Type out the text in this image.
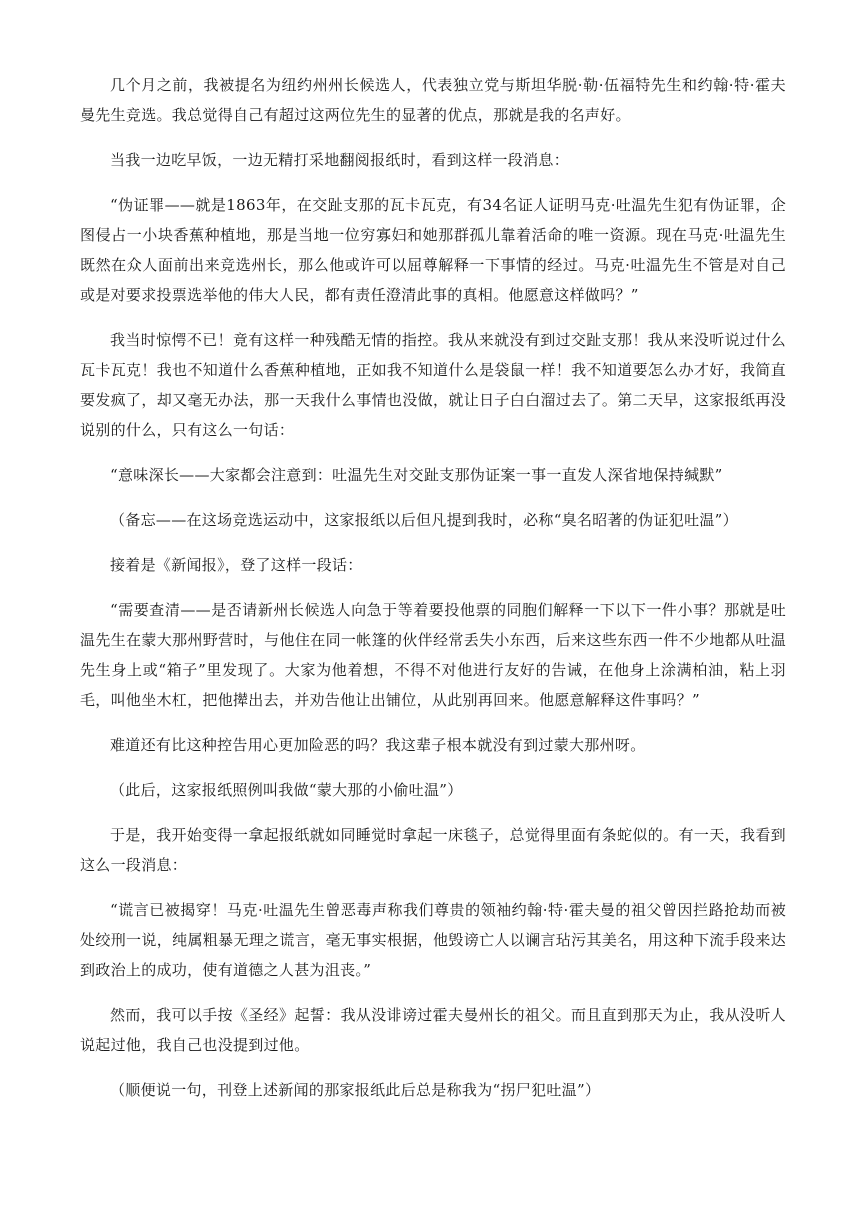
几个月之前，我被提名为纽约州州长候选人，代表独立党与斯坦华脱·勒·伍福特先生和约翰·特·霍夫曼先生竞选。我总觉得自己有超过这两位先生的显著的优点，那就是我的名声好。

当我一边吃早饭，一边无精打采地翻阅报纸时，看到这样一段消息：

“伪证罪——就是1863年，在交趾支那的瓦卡瓦克，有34名证人证明马克·吐温先生犯有伪证罪，企图侵占一小块香蕉种植地，那是当地一位穷寡妇和她那群孤儿靠着活命的唯一资源。现在马克·吐温先生既然在众人面前出来竞选州长，那么他或许可以屈尊解释一下事情的经过。马克·吐温先生不管是对自己或是对要求投票选举他的伟大人民，都有责任澄清此事的真相。他愿意这样做吗？”

我当时惊愕不已！竟有这样一种残酷无情的指控。我从来就没有到过交趾支那！我从来没听说过什么瓦卡瓦克！我也不知道什么香蕉种植地，正如我不知道什么是袋鼠一样！我不知道要怎么办才好，我简直要发疯了，却又毫无办法，那一天我什么事情也没做，就让日子白白溜过去了。第二天早，这家报纸再没说别的什么，只有这么一句话：

“意味深长——大家都会注意到：吐温先生对交趾支那伪证案一事一直发人深省地保持缄默”

（备忘——在这场竞选运动中，这家报纸以后但凡提到我时，必称“臭名昭著的伪证犯吐温”）

接着是《新闻报》，登了这样一段话：

“需要查清——是否请新州长候选人向急于等着要投他票的同胞们解释一下以下一件小事？那就是吐温先生在蒙大那州野营时，与他住在同一帐篷的伙伴经常丢失小东西，后来这些东西一件不少地都从吐温先生身上或“箱子”里发现了。大家为他着想，不得不对他进行友好的告诫，在他身上涂满柏油，粘上羽毛，叫他坐木杠，把他撵出去，并劝告他让出铺位，从此别再回来。他愿意解释这件事吗？”

难道还有比这种控告用心更加险恶的吗？我这辈子根本就没有到过蒙大那州呀。

（此后，这家报纸照例叫我做“蒙大那的小偷吐温”）

于是，我开始变得一拿起报纸就如同睡觉时拿起一床毯子，总觉得里面有条蛇似的。有一天，我看到这么一段消息：

“谎言已被揭穿！马克·吐温先生曾恶毒声称我们尊贵的领袖约翰·特·霍夫曼的祖父曾因拦路抢劫而被处绞刑一说，纯属粗暴无理之谎言，毫无事实根据，他毁谤亡人以谰言玷污其美名，用这种下流手段来达到政治上的成功，使有道德之人甚为沮丧。”

然而，我可以手按《圣经》起誓：我从没诽谤过霍夫曼州长的祖父。而且直到那天为止，我从没听人说起过他，我自己也没提到过他。

（顺便说一句，刊登上述新闻的那家报纸此后总是称我为“拐尸犯吐温”）
